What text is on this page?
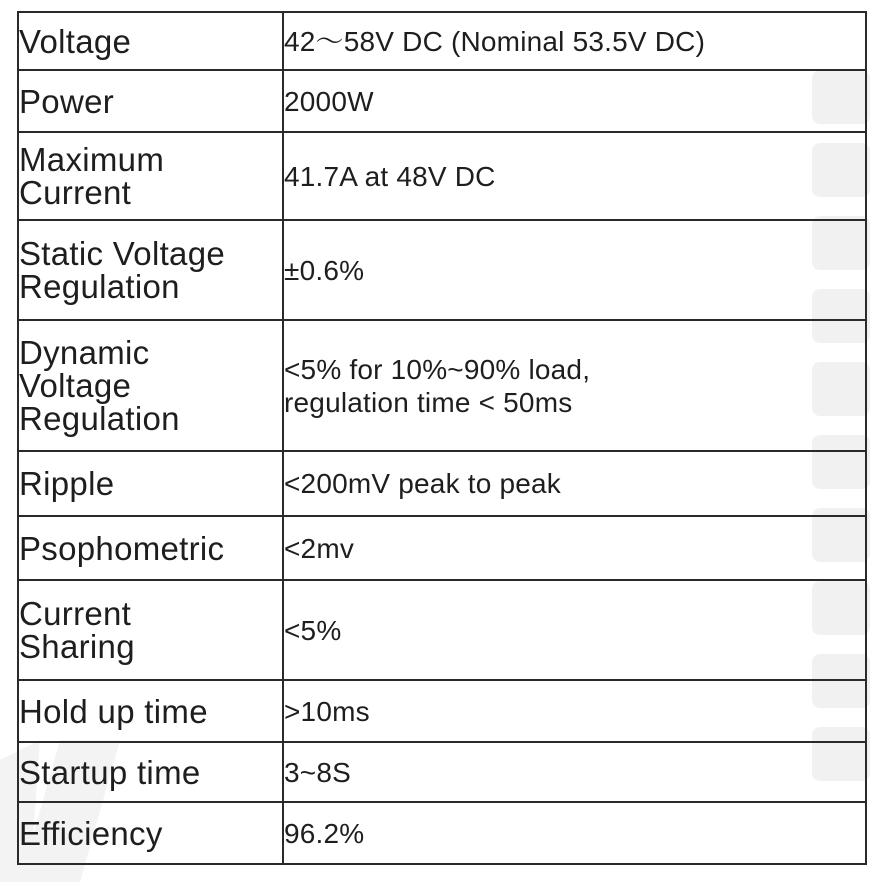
Voltage	42～58V DC (Nominal 53.5V DC)

Power	2000W

Maximum
Current	41.7A at 48V DC

Static Voltage
Regulation	±0.6%

Dynamic
Voltage
Regulation	<5% for 10%~90% load,
regulation time < 50ms

Ripple	<200mV peak to peak

Psophometric	<2mv

Current
Sharing	<5%

Hold up time	>10ms

Startup time	3~8S

Efficiency	96.2%
